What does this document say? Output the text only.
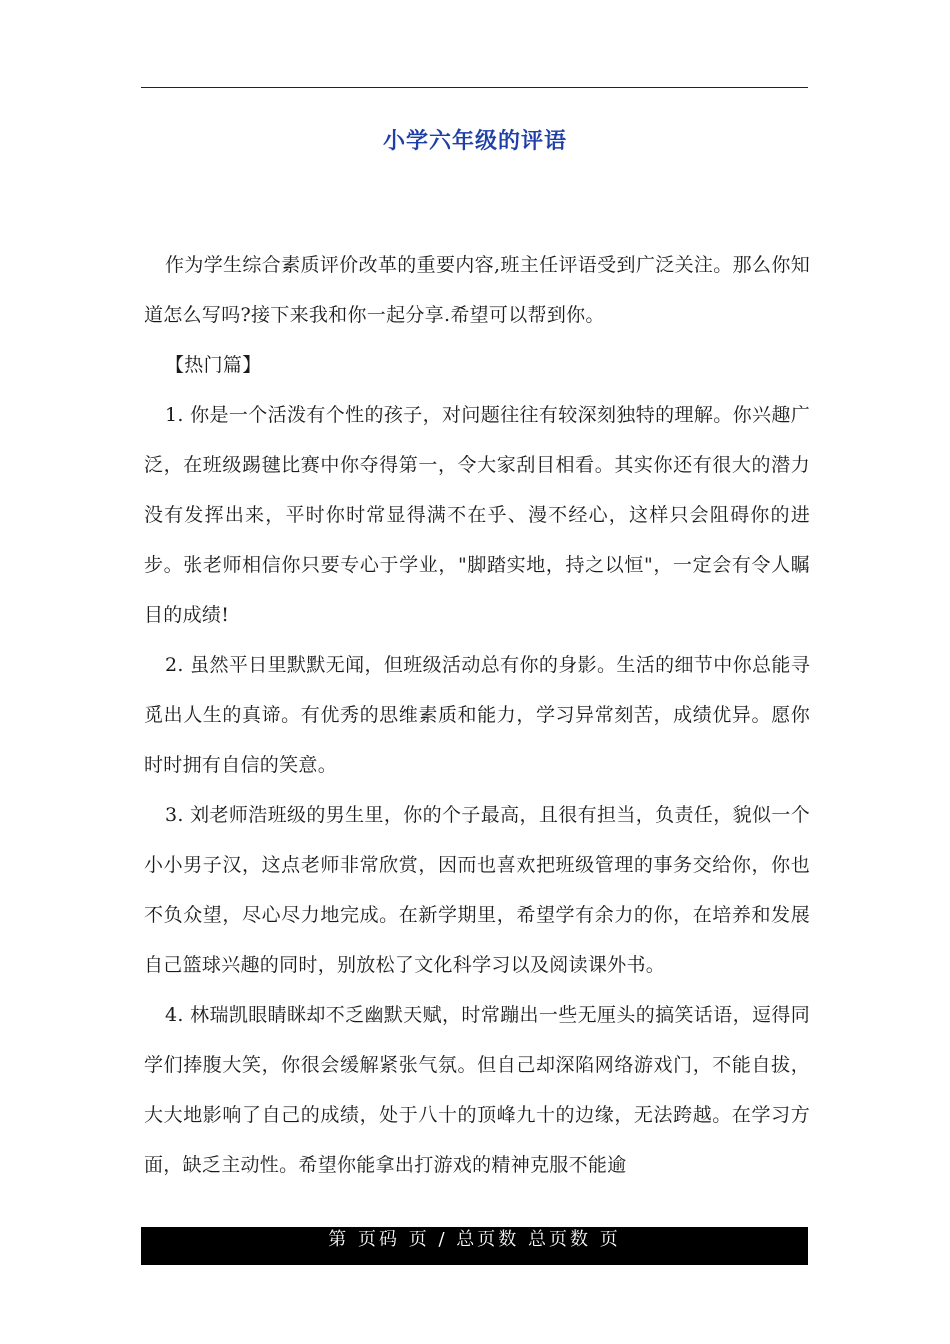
小学六年级的评语

作为学生综合素质评价改革的重要内容,班主任评语受到广泛关注。那么你知道怎么写吗?接下来我和你一起分享.希望可以帮到你。

【热门篇】

1. 你是一个活泼有个性的孩子，对问题往往有较深刻独特的理解。你兴趣广泛，在班级踢毽比赛中你夺得第一，令大家刮目相看。其实你还有很大的潜力没有发挥出来，平时你时常显得满不在乎、漫不经心，这样只会阻碍你的进步。张老师相信你只要专心于学业，"脚踏实地，持之以恒"，一定会有令人瞩目的成绩!

2. 虽然平日里默默无闻，但班级活动总有你的身影。生活的细节中你总能寻觅出人生的真谛。有优秀的思维素质和能力，学习异常刻苦，成绩优异。愿你时时拥有自信的笑意。

3. 刘老师浩班级的男生里，你的个子最高，且很有担当，负责任，貌似一个小小男子汉，这点老师非常欣赏，因而也喜欢把班级管理的事务交给你，你也不负众望，尽心尽力地完成。在新学期里，希望学有余力的你，在培养和发展自己篮球兴趣的同时，别放松了文化科学习以及阅读课外书。

4. 林瑞凯眼睛眯却不乏幽默天赋，时常蹦出一些无厘头的搞笑话语，逗得同学们捧腹大笑，你很会缓解紧张气氛。但自己却深陷网络游戏门，不能自拔，大大地影响了自己的成绩，处于八十的顶峰九十的边缘，无法跨越。在学习方面，缺乏主动性。希望你能拿出打游戏的精神克服不能逾

第 页码 页 / 总页数 总页数 页
